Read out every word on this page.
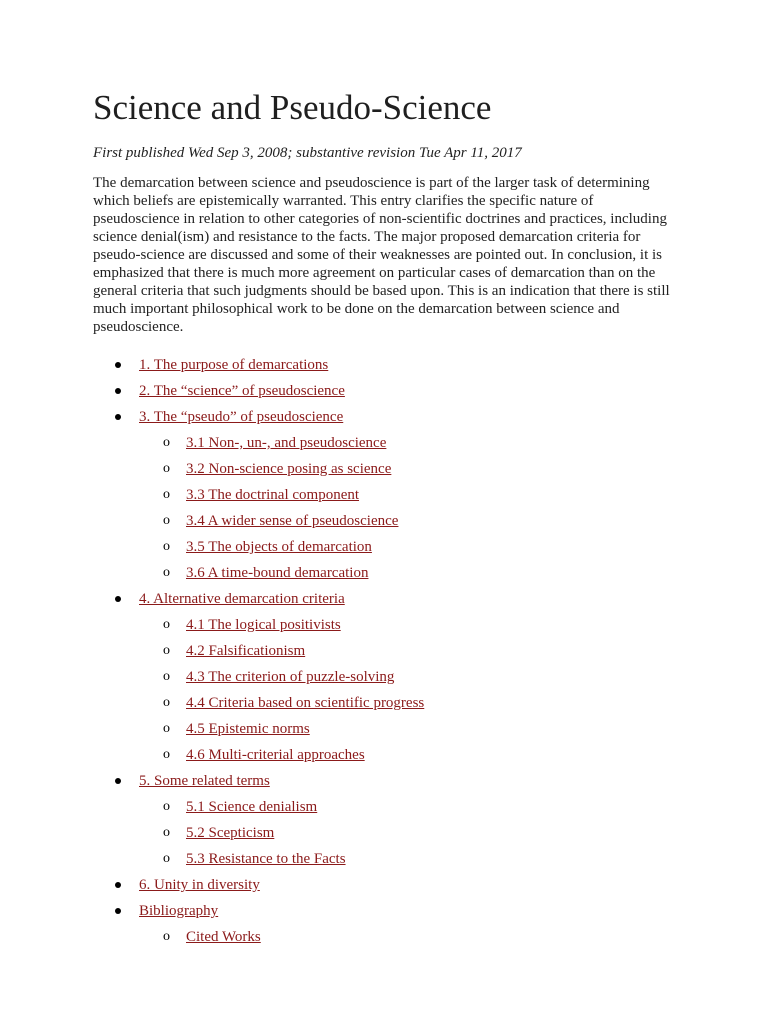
Science and Pseudo-Science
First published Wed Sep 3, 2008; substantive revision Tue Apr 11, 2017
The demarcation between science and pseudoscience is part of the larger task of determining which beliefs are epistemically warranted. This entry clarifies the specific nature of pseudoscience in relation to other categories of non-scientific doctrines and practices, including science denial(ism) and resistance to the facts. The major proposed demarcation criteria for pseudo-science are discussed and some of their weaknesses are pointed out. In conclusion, it is emphasized that there is much more agreement on particular cases of demarcation than on the general criteria that such judgments should be based upon. This is an indication that there is still much important philosophical work to be done on the demarcation between science and pseudoscience.
1. The purpose of demarcations
2. The “science” of pseudoscience
3. The “pseudo” of pseudoscience
o 3.1 Non-, un-, and pseudoscience
o 3.2 Non-science posing as science
o 3.3 The doctrinal component
o 3.4 A wider sense of pseudoscience
o 3.5 The objects of demarcation
o 3.6 A time-bound demarcation
4. Alternative demarcation criteria
o 4.1 The logical positivists
o 4.2 Falsificationism
o 4.3 The criterion of puzzle-solving
o 4.4 Criteria based on scientific progress
o 4.5 Epistemic norms
o 4.6 Multi-criterial approaches
5. Some related terms
o 5.1 Science denialism
o 5.2 Scepticism
o 5.3 Resistance to the Facts
6. Unity in diversity
Bibliography
o Cited Works
